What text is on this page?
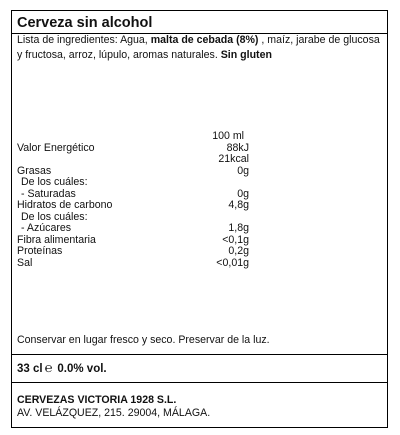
Cerveza sin alcohol
Lista de ingredientes: Agua, malta de cebada (8%) , maíz, jarabe de glucosa y fructosa, arroz, lúpulo, aromas naturales. Sin gluten
100 ml
Valor Energético	88kJ
21kcal
Grasas	0g
De los cuáles:
- Saturadas	0g
Hidratos de carbono	4,8g
De los cuáles:
- Azúcares	1,8g
Fibra alimentaria	<0,1g
Proteínas	0,2g
Sal	<0,01g
Conservar en lugar fresco y seco. Preservar de la luz.
33 cl ℮ 0.0% vol.
CERVEZAS VICTORIA 1928 S.L.
AV. VELÁZQUEZ, 215. 29004, MÁLAGA.
